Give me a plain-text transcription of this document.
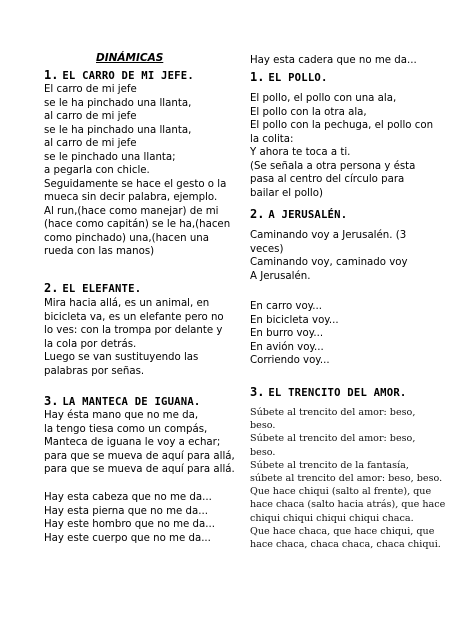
DINÁMICAS
1. EL CARRO DE MI JEFE.
El carro de mi jefe
se le ha pinchado una llanta,
al carro de mi jefe
se le ha pinchado una llanta,
al carro de mi jefe
se le pinchado una llanta;
a pegarla con chicle.
Seguidamente se hace el gesto o la
mueca sin decir palabra, ejemplo.
Al run,(hace como manejar) de mi
(hace como capitán) se le ha,(hacen
como pinchado) una,(hacen una
rueda con las manos)
2. EL ELEFANTE.
Mira hacia allá, es un animal, en
bicicleta va, es un elefante pero no
lo ves: con la trompa por delante y
la cola por detrás.
Luego se van sustituyendo las
palabras por señas.
3. LA MANTECA DE IGUANA.
Hay ésta mano que no me da,
la tengo tiesa como un compás,
Manteca de iguana le voy a echar;
para que se mueva de aquí para allá,
para que se mueva de aquí para allá.
Hay esta cabeza que no me da...
Hay esta pierna que no me da...
Hay este hombro que no me da...
Hay este cuerpo que no me da...
Hay esta cadera que no me da...
1. EL POLLO.
El pollo, el pollo con una ala,
El pollo con la otra ala,
El pollo con la pechuga, el pollo con
la colita:
Y ahora te toca a ti.
(Se señala a otra persona y ésta
pasa al centro del círculo para
bailar el pollo)
2. A JERUSALÉN.
Caminando voy a Jerusalén. (3
veces)
Caminando voy, caminado voy
A Jerusalén.
En carro voy...
En bicicleta voy...
En burro voy...
En avión voy...
Corriendo voy...
3. EL TRENCITO DEL AMOR.
Súbete al trencito del amor: beso,
beso.
Súbete al trencito del amor: beso,
beso.
Súbete al trencito de la fantasía,
súbete al trencito del amor: beso, beso.
Que hace chiqui (salto al frente), que
hace chaca (salto hacia atrás), que hace
chiqui chiqui chiqui chiqui chaca.
Que hace chaca, que hace chiqui, que
hace chaca, chaca chaca, chaca chiqui.
